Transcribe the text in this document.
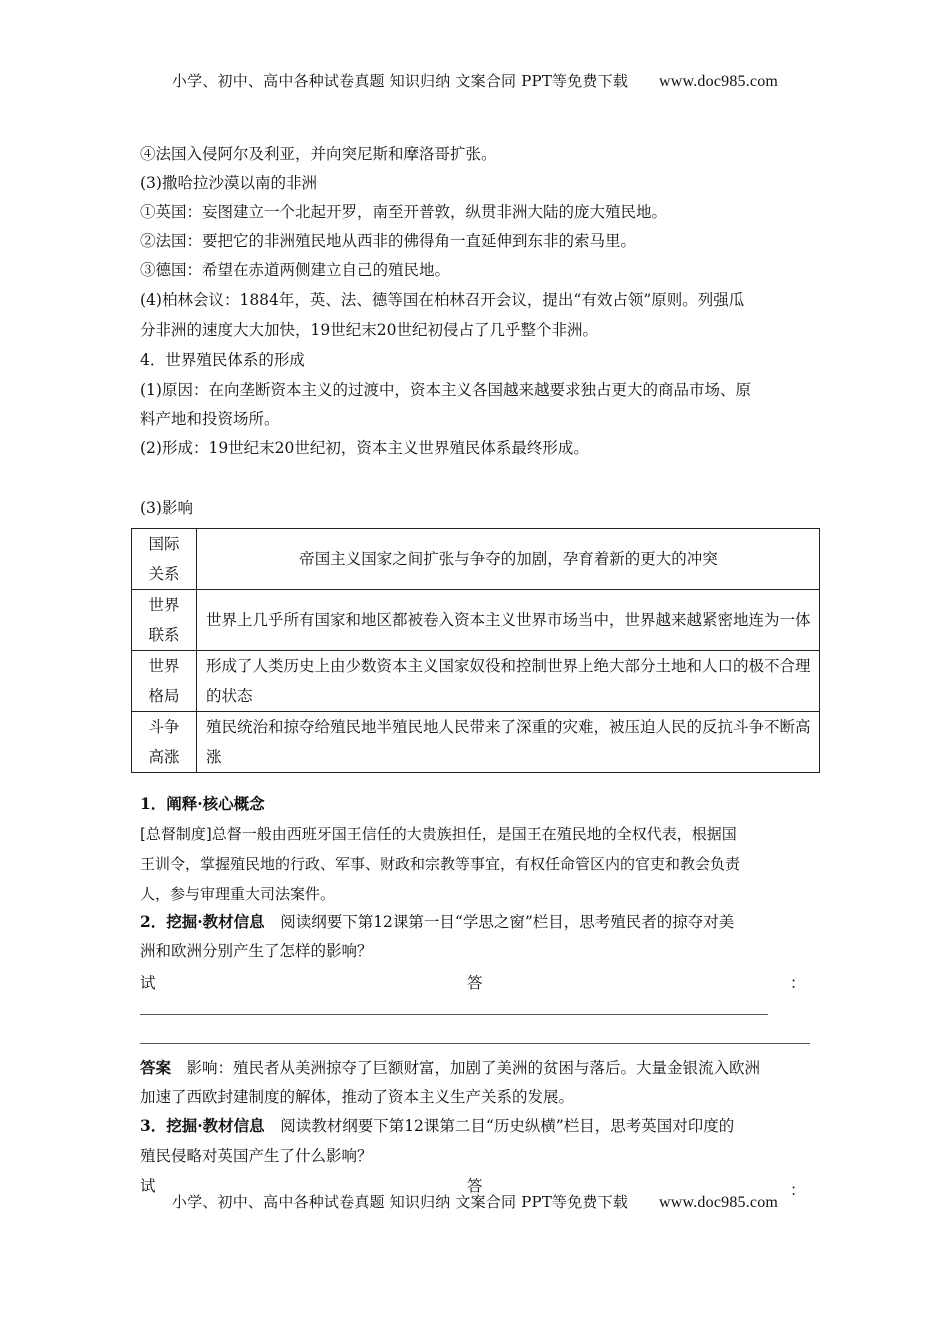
小学、初中、高中各种试卷真题 知识归纳 文案合同 PPT等免费下载 www.doc985.com
④法国入侵阿尔及利亚，并向突尼斯和摩洛哥扩张。
(3)撒哈拉沙漠以南的非洲
①英国：妄图建立一个北起开罗，南至开普敦，纵贯非洲大陆的庞大殖民地。
②法国：要把它的非洲殖民地从西非的佛得角一直延伸到东非的索马里。
③德国：希望在赤道两侧建立自己的殖民地。
(4)柏林会议：1884年，英、法、德等国在柏林召开会议，提出“有效占领”原则。列强瓜
分非洲的速度大大加快，19世纪末20世纪初侵占了几乎整个非洲。
4．世界殖民体系的形成
(1)原因：在向垄断资本主义的过渡中，资本主义各国越来越要求独占更大的商品市场、原
料产地和投资场所。
(2)形成：19世纪末20世纪初，资本主义世界殖民体系最终形成。
(3)影响
国际
关系	帝国主义国家之间扩张与争夺的加剧，孕育着新的更大的冲突
世界
联系	世界上几乎所有国家和地区都被卷入资本主义世界市场当中，世界越来越紧密地连为一体
世界
格局	形成了人类历史上由少数资本主义国家奴役和控制世界上绝大部分土地和人口的极不合理的状态
斗争
高涨	殖民统治和掠夺给殖民地半殖民地人民带来了深重的灾难，被压迫人民的反抗斗争不断高涨
1．阐释·核心概念
[总督制度]总督一般由西班牙国王信任的大贵族担任，是国王在殖民地的全权代表，根据国
王训令，掌握殖民地的行政、军事、财政和宗教等事宜，有权任命管区内的官吏和教会负责
人，参与审理重大司法案件。
2．挖掘·教材信息　阅读纲要下第12课第一目“学思之窗”栏目，思考殖民者的掠夺对美
洲和欧洲分别产生了怎样的影响？
试	答	：
答案　影响：殖民者从美洲掠夺了巨额财富，加剧了美洲的贫困与落后。大量金银流入欧洲
加速了西欧封建制度的解体，推动了资本主义生产关系的发展。
3．挖掘·教材信息　阅读教材纲要下第12课第二目“历史纵横”栏目，思考英国对印度的
殖民侵略对英国产生了什么影响？
试	答	：
小学、初中、高中各种试卷真题 知识归纳 文案合同 PPT等免费下载 www.doc985.com
